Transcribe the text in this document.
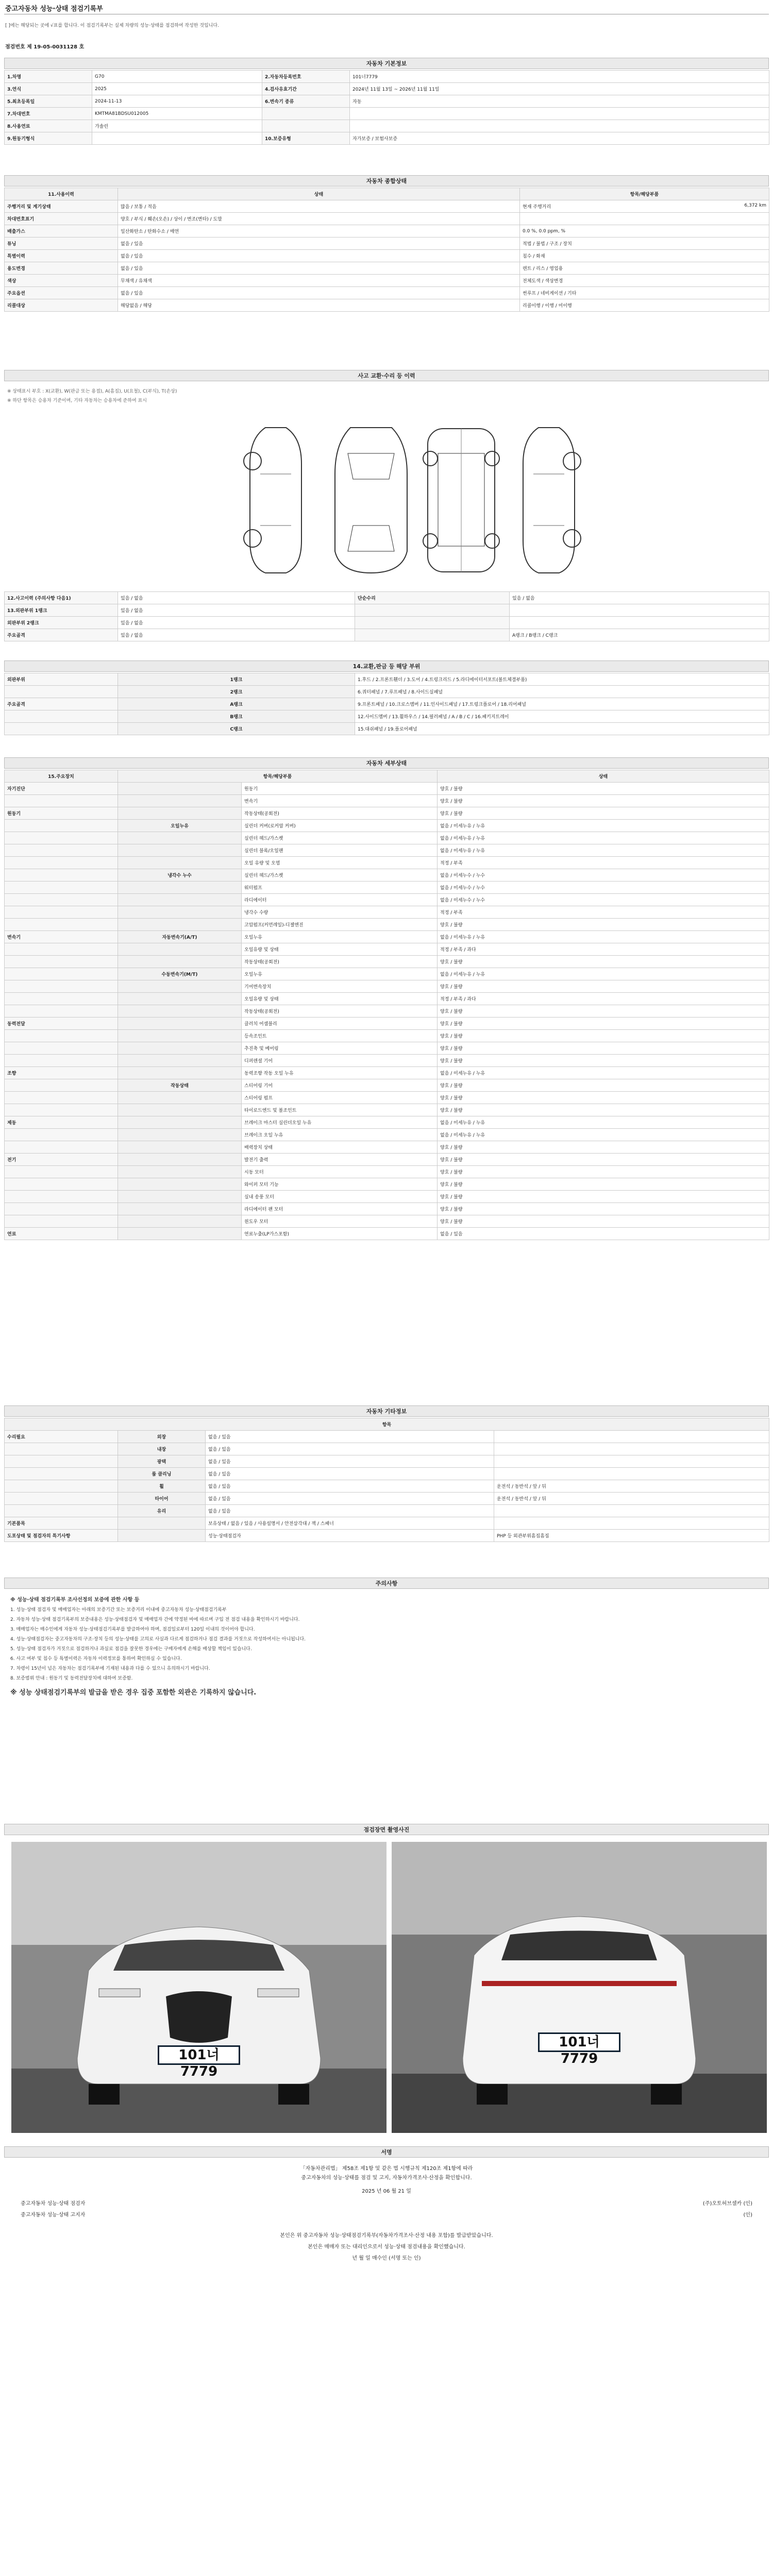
중고자동차 성능·상태 점검기록부
[ ]에는 해당되는 곳에 √표를 합니다. 이 점검기록부는 실제 차량의 성능·상태를 점검하여 작성한 것입니다.
점검번호 제 19-05-0031128 호
자동차 기본정보
1.차명	G70	2.자동차등록번호	101너7779
3.연식	2025	4.검사유효기간	2024년 11월 13일 ~ 2026년 11월 11일
5.최초등록일	2024-11-13	6.변속기 종류	자동
7.차대번호	KMTMA81BDSU012005		
8.사용연료	가솔린		
9.원동기형식		10.보증유형	자가보증 / 보험사보증
자동차 종합상태
11.사용이력	상태	항목/해당부품
주행거리 및 계기상태	많음 / 보통 / 적음	현재 주행거리 6,372 km

차대번호표기	양호 / 부식 / 훼손(오손) / 상이 / 변조(변타) / 도말	
배출가스	일산화탄소 / 탄화수소 / 매연	0.0 %, 0.0 ppm, %
튜닝	없음 / 있음	적법 / 불법 / 구조 / 장치
특별이력	없음 / 있음	침수 / 화재
용도변경	없음 / 있음	렌트 / 리스 / 영업용
색상	무채색 / 유채색	전체도색 / 색상변경
주요옵션	없음 / 있음	썬루프 / 네비게이션 / 기타
리콜대상	해당없음 / 해당	리콜이행 / 이행 / 미이행
사고 교환·수리 등 이력
※ 상태표시 부호 : X(교환), W(판금 또는 용접), A(흠집), U(요철), C(부식), T(손상)
※ 하단 항목은 승용차 기준이며, 기타 자동차는 승용차에 준하여 표시
12.사고이력 (주의사항 다음1)	있음 / 없음	단순수리	있음 / 없음
13.외판부위 1랭크	있음 / 없음		
외판부위 2랭크	있음 / 없음		
주요골격	있음 / 없음		A랭크 / B랭크 / C랭크
14.교환,판금 등 해당 부위
외판부위	1랭크	1.후드 / 2.프론트휀더 / 3.도어 / 4.트렁크리드 / 5.라디에이터서포트(볼트체결부품)
	2랭크	6.쿼터패널 / 7.루프패널 / 8.사이드실패널
주요골격	A랭크	9.프론트패널 / 10.크로스멤버 / 11.인사이드패널 / 17.트렁크플로어 / 18.리어패널
	B랭크	12.사이드멤버 / 13.휠하우스 / 14.필러패널 / A / B / C / 16.패키지트레이
	C랭크	15.대쉬패널 / 19.플로어패널
자동차 세부상태
15.주요장치	항목/해당부품		상태
자기진단		원동기	양호 / 불량
		변속기	양호 / 불량
원동기		작동상태(공회전)	양호 / 불량
	오일누유	실린더 커버(로커암 커버)	없음 / 미세누유 / 누유
		실린더 헤드/가스켓	없음 / 미세누유 / 누유
		실린더 블록/오일팬	없음 / 미세누유 / 누유
		오일 유량 및 오염	적정 / 부족
	냉각수 누수	실린더 헤드/가스켓	없음 / 미세누수 / 누수
		워터펌프	없음 / 미세누수 / 누수
		라디에이터	없음 / 미세누수 / 누수
		냉각수 수량	적정 / 부족
		고압펌프(커먼레일)-디젤엔진	양호 / 불량
변속기	자동변속기(A/T)	오일누유	없음 / 미세누유 / 누유
		오일유량 및 상태	적정 / 부족 / 과다
		작동상태(공회전)	양호 / 불량
	수동변속기(M/T)	오일누유	없음 / 미세누유 / 누유
		기어변속장치	양호 / 불량
		오일유량 및 상태	적정 / 부족 / 과다
		작동상태(공회전)	양호 / 불량
동력전달		클러치 어셈블리	양호 / 불량
		등속조인트	양호 / 불량
		추진축 및 베어링	양호 / 불량
		디퍼렌셜 기어	양호 / 불량
조향		동력조향 작동 오일 누유	없음 / 미세누유 / 누유
	작동상태	스티어링 기어	양호 / 불량
		스티어링 펌프	양호 / 불량
		타이로드엔드 및 볼조인트	양호 / 불량
제동		브레이크 마스터 실린더오일 누유	없음 / 미세누유 / 누유
		브레이크 오일 누유	없음 / 미세누유 / 누유
		배력장치 상태	양호 / 불량
전기		발전기 출력	양호 / 불량
		시동 모터	양호 / 불량
		와이퍼 모터 기능	양호 / 불량
		실내 송풍 모터	양호 / 불량
		라디에이터 팬 모터	양호 / 불량
		윈도우 모터	양호 / 불량
연료		연료누출(LP가스포함)	없음 / 있음
자동차 기타정보
항목			
수리필요	외장	없음 / 있음	
	내장	없음 / 있음	
	광택	없음 / 있음	
	룸 클리닝	없음 / 있음	
	휠	없음 / 있음	운전석 / 동반석 / 앞 / 뒤
	타이어	없음 / 있음	운전석 / 동반석 / 앞 / 뒤
	유리	없음 / 있음	
기본품목		보유상태 / 없음 / 있음 / 사용설명서 / 안전삼각대 / 잭 / 스패너	
도포상태 및 점검자의 특기사항		성능·상태점검자	PHP 등 외관부위흠집흠집
주의사항

※ 성능·상태 점검기록부 조사선정의 보증에 관한 사항 등

1. 성능·상태 점검자 및 매매업자는 아래의 보증기간 또는 보증거리 이내에 중고자동차 성능·상태점검기록부

2. 자동차 성능·상태 점검기록부의 보증내용은 성능·상태점검자 및 매매업자 간에 약정된 바에 따르며 구입 전 점검 내용을 확인하시기 바랍니다.

3. 매매업자는 매수인에게 자동차 성능·상태점검기록부를 발급하여야 하며, 점검일로부터 120일 이내의 것이어야 합니다.

4. 성능·상태점검자는 중고자동차의 구조·장치 등의 성능·상태를 고의로 사실과 다르게 점검하거나 점검 결과를 거짓으로 작성하여서는 아니됩니다.

5. 성능·상태 점검자가 거짓으로 점검하거나 과실로 점검을 잘못한 경우에는 구매자에게 손해를 배상할 책임이 있습니다.

6. 사고 여부 및 침수 등 특별이력은 자동차 이력정보를 통하여 확인하실 수 있습니다.

7. 차령이 15년이 넘은 자동차는 점검기록부에 기재된 내용과 다를 수 있으니 유의하시기 바랍니다.

8. 보증범위 안내 : 원동기 및 동력전달장치에 대하여 보증함.

※ 성능 상태점검기록부의 발급을 받은 경우 집중 포함한 외관은 기록하지 않습니다.

점검장면 촬영사진
101너 7779
101너 7779
서명
「자동차관리법」 제58조 제1항 및 같은 법 시행규칙 제120조 제1항에 따라
중고자동차의 성능·상태를 점검 및 고지, 자동차가격조사·산정을 확인합니다.
2025 년 06 월 21 일
중고자동차 성능·상태 점검자	(주)오토허브셀카 (인)
중고자동차 성능·상태 고지자	(인)
본인은 위 중고자동차 성능·상태점검기록부(자동차가격조사·산정 내용 포함)를 발급받았습니다.
본인은 매매자 또는 대리인으로서 성능·상태 점검내용을 확인했습니다.
년 월 일 매수인 (서명 또는 인)
